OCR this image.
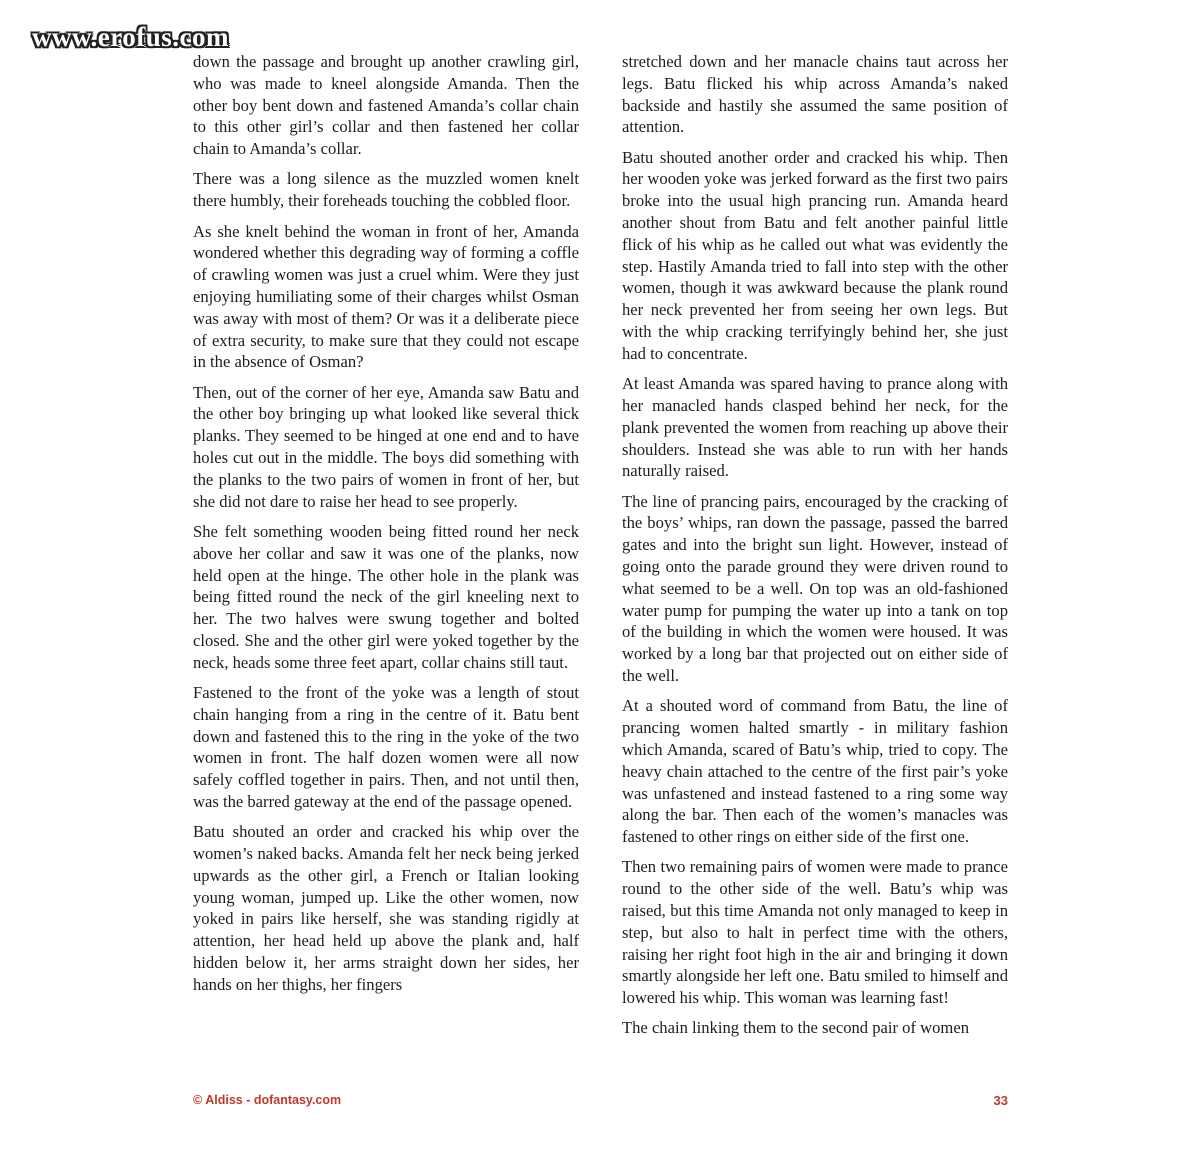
www.erofus.com

down the passage and brought up another crawling girl, who was made to kneel alongside Amanda. Then the other boy bent down and fastened Amanda’s collar chain to this other girl’s collar and then fastened her collar chain to Amanda’s collar.

There was a long silence as the muzzled women knelt there humbly, their foreheads touching the cobbled floor.

As she knelt behind the woman in front of her, Amanda wondered whether this degrading way of forming a coffle of crawling women was just a cruel whim. Were they just enjoying humiliating some of their charges whilst Osman was away with most of them? Or was it a deliberate piece of extra security, to make sure that they could not escape in the absence of Osman?

Then, out of the corner of her eye, Amanda saw Batu and the other boy bringing up what looked like several thick planks. They seemed to be hinged at one end and to have holes cut out in the middle. The boys did something with the planks to the two pairs of women in front of her, but she did not dare to raise her head to see properly.

She felt something wooden being fitted round her neck above her collar and saw it was one of the planks, now held open at the hinge. The other hole in the plank was being fitted round the neck of the girl kneeling next to her. The two halves were swung together and bolted closed. She and the other girl were yoked together by the neck, heads some three feet apart, collar chains still taut.

Fastened to the front of the yoke was a length of stout chain hanging from a ring in the centre of it. Batu bent down and fastened this to the ring in the yoke of the two women in front. The half dozen women were all now safely coffled together in pairs. Then, and not until then, was the barred gateway at the end of the passage opened.

Batu shouted an order and cracked his whip over the women’s naked backs. Amanda felt her neck being jerked upwards as the other girl, a French or Italian looking young woman, jumped up. Like the other women, now yoked in pairs like herself, she was standing rigidly at attention, her head held up above the plank and, half hidden below it, her arms straight down her sides, her hands on her thighs, her fingers

stretched down and her manacle chains taut across her legs. Batu flicked his whip across Amanda’s naked backside and hastily she assumed the same position of attention.

Batu shouted another order and cracked his whip. Then her wooden yoke was jerked forward as the first two pairs broke into the usual high prancing run. Amanda heard another shout from Batu and felt another painful little flick of his whip as he called out what was evidently the step. Hastily Amanda tried to fall into step with the other women, though it was awkward because the plank round her neck prevented her from seeing her own legs. But with the whip cracking terrifyingly behind her, she just had to concentrate.

At least Amanda was spared having to prance along with her manacled hands clasped behind her neck, for the plank prevented the women from reaching up above their shoulders. Instead she was able to run with her hands naturally raised.

The line of prancing pairs, encouraged by the cracking of the boys’ whips, ran down the passage, passed the barred gates and into the bright sun light. However, instead of going onto the parade ground they were driven round to what seemed to be a well. On top was an old-fashioned water pump for pumping the water up into a tank on top of the building in which the women were housed. It was worked by a long bar that projected out on either side of the well.

At a shouted word of command from Batu, the line of prancing women halted smartly - in military fashion which Amanda, scared of Batu’s whip, tried to copy. The heavy chain attached to the centre of the first pair’s yoke was unfastened and instead fastened to a ring some way along the bar. Then each of the women’s manacles was fastened to other rings on either side of the first one.

Then two remaining pairs of women were made to prance round to the other side of the well. Batu’s whip was raised, but this time Amanda not only managed to keep in step, but also to halt in perfect time with the others, raising her right foot high in the air and bringing it down smartly alongside her left one. Batu smiled to himself and lowered his whip. This woman was learning fast!

The chain linking them to the second pair of women

© Aldiss - dofantasy.com	33
